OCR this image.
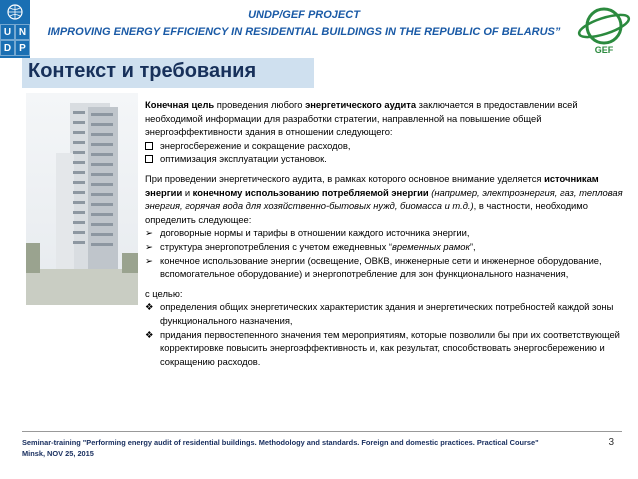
U N
D P
UNDP/GEF PROJECT
IMPROVING ENERGY EFFICIENCY IN RESIDENTIAL BUILDINGS IN THE REPUBLIC OF BELARUS”
GEF
Контекст и требования

Конечная цель проведения любого энергетического аудита заключается в предоставлении всей необходимой информации для разработки стратегии, направленной на повышение общей энергоэффективности здания в отношении следующего:

энергосбережение и сокращение расходов,
оптимизация эксплуатации установок.

При проведении энергетического аудита, в рамках которого основное внимание уделяется источникам энергии и конечному использованию потребляемой энергии (например, электроэнергия, газ, тепловая энергия, горячая вода для хозяйственно-бытовых нужд, биомасса и т.д.), в частности, необходимо определить следующее:

➢ договорные нормы и тарифы в отношении каждого источника энергии,
➢ структура энергопотребления с учетом ежедневных “временных рамок”,
➢ конечное использование энергии (освещение, ОВКВ, инженерные сети и инженерное оборудование, вспомогательное оборудование) и энергопотребление для зон функционального назначения,

с целью:

❖ определения общих энергетических характеристик здания и энергетических потребностей каждой зоны функционального назначения,
❖ придания первостепенного значения тем мероприятиям, которые позволили бы при их соответствующей корректировке повысить энергоэффективность и, как результат, способствовать энергосбережению и сокращению расходов.
Seminar-training "Performing energy audit of residential buildings. Methodology and standards. Foreign and domestic practices. Practical Course"
Minsk, NOV 25, 2015
3
